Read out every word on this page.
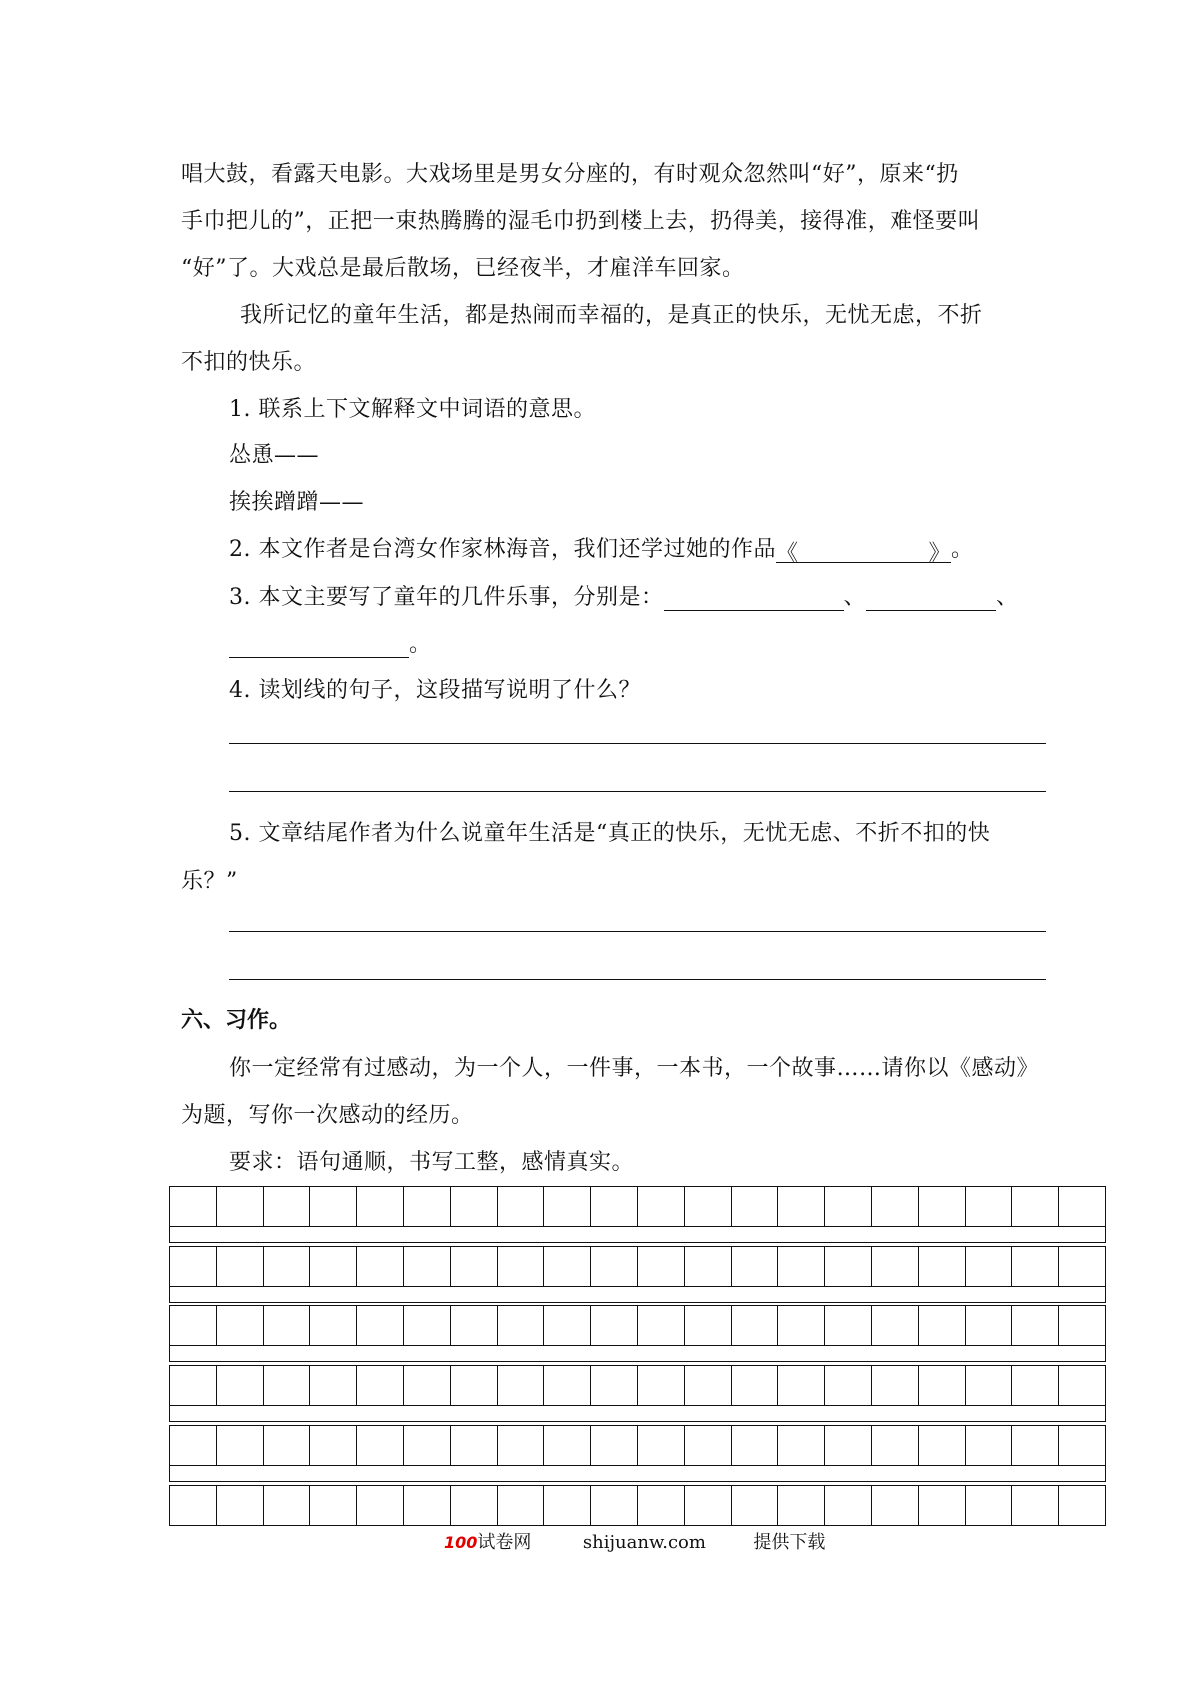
唱大鼓，看露天电影。大戏场里是男女分座的，有时观众忽然叫“好”，原来“扔
手巾把儿的”，正把一束热腾腾的湿毛巾扔到楼上去，扔得美，接得准，难怪要叫
“好”了。大戏总是最后散场，已经夜半，才雇洋车回家。
我所记忆的童年生活，都是热闹而幸福的，是真正的快乐，无忧无虑，不折
不扣的快乐。
1. 联系上下文解释文中词语的意思。
怂恿——
挨挨蹭蹭——
2. 本文作者是台湾女作家林海音，我们还学过她的作品《	》。
3. 本文主要写了童年的几件乐事，分别是：	、	、
。
4. 读划线的句子，这段描写说明了什么？
5. 文章结尾作者为什么说童年生活是“真正的快乐，无忧无虑、不折不扣的快
乐？”
六、习作。
你一定经常有过感动，为一个人，一件事，一本书，一个故事……请你以《感动》
为题，写你一次感动的经历。
要求：语句通顺，书写工整，感情真实。
100试卷网	shijuanw.com	提供下载
